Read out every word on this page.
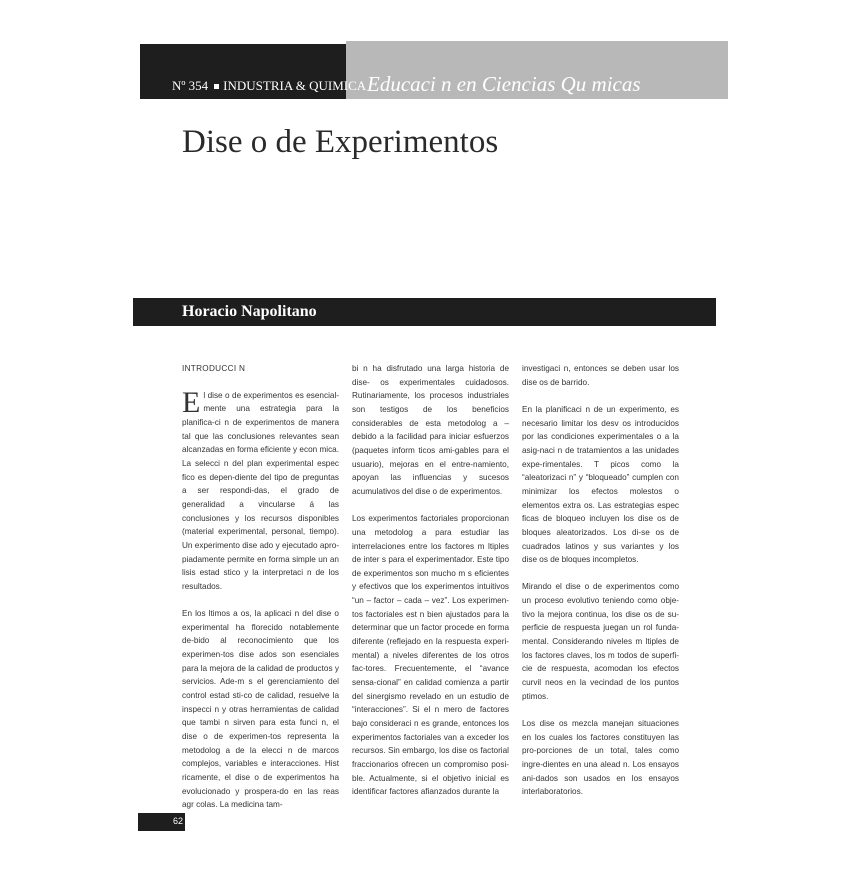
Nº 354 INDUSTRIA & QUIMICA Educaci n en Ciencias Qu micas
Dise o de Experimentos
Horacio Napolitano

INTRODUCCI N

El dise o de experimentos es esencial-mente una estrategia para la planifica-ci n de experimentos de manera tal que las conclusiones relevantes sean alcanzadas en forma eficiente y econ mica. La selecci n del plan experimental espec fico es depen-diente del tipo de preguntas a ser respondi-das, el grado de generalidad a vincularse á las conclusiones y los recursos disponibles (material experimental, personal, tiempo). Un experimento dise ado y ejecutado apro-piadamente permite en forma simple un an lisis estad stico y la interpretaci n de los resultados.

En los ltimos a os, la aplicaci n del dise o experimental ha florecido notablemente de-bido al reconocimiento que los experimen-tos dise ados son esenciales para la mejora de la calidad de productos y servicios. Ade-m s el gerenciamiento del control estad sti-co de calidad, resuelve la inspecci n y otras herramientas de calidad que tambi n sirven para esta funci n, el dise o de experimen-tos representa la metodolog a de la elecci n de marcos complejos, variables e interacciones. Hist ricamente, el dise o de experimentos ha evolucionado y prospera-do en las reas agr colas. La medicina tam-

bi n ha disfrutado una larga historia de dise- os experimentales cuidadosos. Rutinariamente, los procesos industriales son testigos de los beneficios considerables de esta metodolog a – debido a la facilidad para iniciar esfuerzos (paquetes inform ticos ami-gables para el usuario), mejoras en el entre-namiento, apoyan las influencias y sucesos acumulativos del dise o de experimentos.

Los experimentos factoriales proporcionan una metodolog a para estudiar las interrelaciones entre los factores m ltiples de inter s para el experimentador. Este tipo de experimentos son mucho m s eficientes y efectivos que los experimentos intuitivos “un – factor – cada – vez”. Los experimen-tos factoriales est n bien ajustados para la determinar que un factor procede en forma diferente (reflejado en la respuesta experi-mental) a niveles diferentes de los otros fac-tores. Frecuentemente, el “avance sensa-cional” en calidad comienza a partir del sinergismo revelado en un estudio de “interacciones”. Si el n mero de factores bajo consideraci n es grande, entonces los experimentos factoriales van a exceder los recursos. Sin embargo, los dise os factorial fraccionarios ofrecen un compromiso posi-ble. Actualmente, si el objetivo inicial es identificar factores afianzados durante la

investigaci n, entonces se deben usar los dise os de barrido.

En la planificaci n de un experimento, es necesario limitar los desv os introducidos por las condiciones experimentales o a la asig-naci n de tratamientos a las unidades expe-rimentales. T picos como la “aleatorizaci n” y “bloqueado” cumplen con minimizar los efectos molestos o elementos extra os. Las estrategias espec ficas de bloqueo incluyen los dise os de bloques aleatorizados. Los di-se os de cuadrados latinos y sus variantes y los dise os de bloques incompletos.

Mirando el dise o de experimentos como un proceso evolutivo teniendo como obje-tivo la mejora continua, los dise os de su-perficie de respuesta juegan un rol funda-mental. Considerando niveles m ltiples de los factores claves, los m todos de superfi-cie de respuesta, acomodan los efectos curvil neos en la vecindad de los puntos ptimos.

Los dise os mezcla manejan situaciones en los cuales los factores constituyen las pro-porciones de un total, tales como ingre-dientes en una alead n. Los ensayos ani-dados son usados en los ensayos interlaboratorios.

62
